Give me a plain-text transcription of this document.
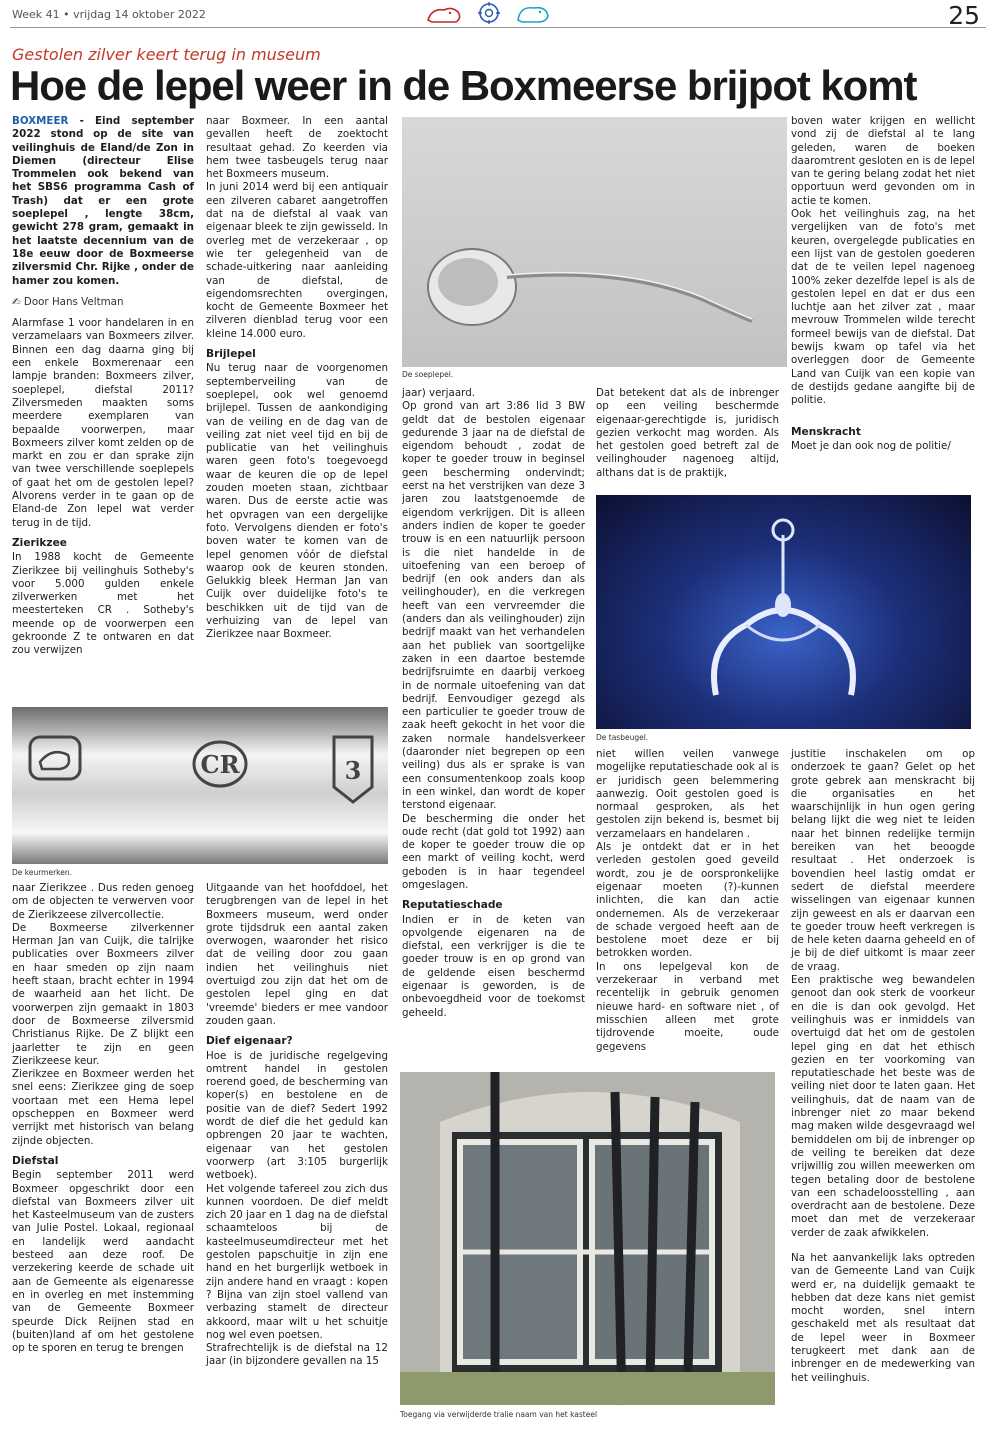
Week 41 • vrijdag 14 oktober 2022	25
Gestolen zilver keert terug in museum
Hoe de lepel weer in de Boxmeerse brijpot komt

BOXMEER - Eind september 2022 stond op de site van veilinghuis de Eland/de Zon in Diemen (directeur Elise Trommelen ook bekend van het SBS6 programma Cash of Trash) dat er een grote soeplepel , lengte 38cm, gewicht 278 gram, gemaakt in het laatste decennium van de 18e eeuw door de Boxmeerse zilversmid Chr. Rijke , onder de hamer zou komen.

✍ Door Hans Veltman

Alarmfase 1 voor handelaren in en verzamelaars van Boxmeers zilver. Binnen een dag daarna ging bij een enkele Boxmerenaar een lampje branden: Boxmeers zilver, soeplepel, diefstal 2011? Zilversmeden maakten soms meerdere exemplaren van bepaalde voorwerpen, maar Boxmeers zilver komt zelden op de markt en zou er dan sprake zijn van twee verschillende soeplepels of gaat het om de gestolen lepel? Alvorens verder in te gaan op de Eland-de Zon lepel wat verder terug in de tijd.

Zierikzee

In 1988 kocht de Gemeente Zierikzee bij veilinghuis Sotheby's voor 5.000 gulden enkele zilverwerken met het meesterteken CR . Sotheby's meende op de voorwerpen een gekroonde Z te ontwaren en dat zou verwijzen

naar Boxmeer. In een aantal gevallen heeft de zoektocht resultaat gehad. Zo keerden via hem twee tasbeugels terug naar het Boxmeers museum.

In juni 2014 werd bij een antiquair een zilveren cabaret aangetroffen dat na de diefstal al vaak van eigenaar bleek te zijn gewisseld. In overleg met de verzekeraar , op wie ter gelegenheid van de schade-uitkering naar aanleiding van de diefstal, de eigendomsrechten overgingen, kocht de Gemeente Boxmeer het zilveren dienblad terug voor een kleine 14.000 euro.

Brijlepel

Nu terug naar de voorgenomen septemberveiling van de soeplepel, ook wel genoemd brijlepel. Tussen de aankondiging van de veiling en de dag van de veiling zat niet veel tijd en bij de publicatie van het veilinghuis waren geen foto's toegevoegd waar de keuren die op de lepel zouden moeten staan, zichtbaar waren. Dus de eerste actie was het opvragen van een dergelijke foto. Vervolgens dienden er foto's boven water te komen van de lepel genomen vóór de diefstal waarop ook de keuren stonden. Gelukkig bleek Herman Jan van Cuijk over duidelijke foto's te beschikken uit de tijd van de verhuizing van de lepel van Zierikzee naar Boxmeer.

De soeplepel.

jaar) verjaard.

Op grond van art 3:86 lid 3 BW geldt dat de bestolen eigenaar gedurende 3 jaar na de diefstal de eigendom behoudt , zodat de koper te goeder trouw in beginsel geen bescherming ondervindt; eerst na het verstrijken van deze 3 jaren zou laatstgenoemde de eigendom verkrijgen. Dit is alleen anders indien de koper te goeder trouw is en een natuurlijk persoon is die niet handelde in de uitoefening van een beroep of bedrijf (en ook anders dan als veilinghouder), en die verkregen heeft van een vervreemder die (anders dan als veilinghouder) zijn bedrijf maakt van het verhandelen aan het publiek van soortgelijke zaken in een daartoe bestemde bedrijfsruimte en daarbij verkoeg in de normale uitoefening van dat bedrijf. Eenvoudiger gezegd als een particulier te goeder trouw de zaak heeft gekocht in het voor die zaken normale handelsverkeer (daaronder niet begrepen op een veiling) dus als er sprake is van een consumentenkoop zoals koop in een winkel, dan wordt de koper terstond eigenaar.

De bescherming die onder het oude recht (dat gold tot 1992) aan de koper te goeder trouw die op een markt of veiling kocht, werd geboden is in haar tegendeel omgeslagen.

Reputatieschade

Indien er in de keten van opvolgende eigenaren na de diefstal, een verkrijger is die te goeder trouw is en op grond van de geldende eisen beschermd eigenaar is geworden, is de onbevoegdheid voor de toekomst geheeld.

Dat betekent dat als de inbrenger op een veiling beschermde eigenaar-gerechtigde is, juridisch gezien verkocht mag worden. Als het gestolen goed betreft zal de veilinghouder nagenoeg altijd, althans dat is de praktijk,

boven water krijgen en wellicht vond zij de diefstal al te lang geleden, waren de boeken daaromtrent gesloten en is de lepel van te gering belang zodat het niet opportuun werd gevonden om in actie te komen.

Ook het veilinghuis zag, na het vergelijken van de foto's met keuren, overgelegde publicaties en een lijst van de gestolen goederen dat de te veilen lepel nagenoeg 100% zeker dezelfde lepel is als de gestolen lepel en dat er dus een luchtje aan het zilver zat , maar mevrouw Trommelen wilde terecht formeel bewijs van de diefstal. Dat bewijs kwam op tafel via het overleggen door de Gemeente Land van Cuijk van een kopie van de destijds gedane aangifte bij de politie.

Menskracht

Moet je dan ook nog de politie/

De tasbeugel.
CR	3
De keurmerken.

niet willen veilen vanwege mogelijke reputatieschade ook al is er juridisch geen belemmering aanwezig. Ooit gestolen goed is normaal gesproken, als het gestolen zijn bekend is, besmet bij verzamelaars en handelaren .

Als je ontdekt dat er in het verleden gestolen goed geveild wordt, zou je de oorspronkelijke eigenaar moeten (?)-kunnen inlichten, die kan dan actie ondernemen. Als de verzekeraar de schade vergoed heeft aan de bestolene moet deze er bij betrokken worden.

In ons lepelgeval kon de verzekeraar in verband met recentelijk in gebruik genomen nieuwe hard- en software niet , of misschien alleen met grote tijdrovende moeite, oude gegevens

justitie inschakelen om op onderzoek te gaan? Gelet op het grote gebrek aan menskracht bij die organisaties en het waarschijnlijk in hun ogen gering belang lijkt die weg niet te leiden naar het binnen redelijke termijn bereiken van het beoogde resultaat . Het onderzoek is bovendien heel lastig omdat er sedert de diefstal meerdere wisselingen van eigenaar kunnen zijn geweest en als er daarvan een te goeder trouw heeft verkregen is de hele keten daarna geheeld en of je bij de dief uitkomt is maar zeer de vraag.

Een praktische weg bewandelen genoot dan ook sterk de voorkeur en die is dan ook gevolgd. Het veilinghuis was er inmiddels van overtuigd dat het om de gestolen lepel ging en dat het ethisch gezien en ter voorkoming van reputatieschade het beste was de veiling niet door te laten gaan. Het veilinghuis, dat de naam van de inbrenger niet zo maar bekend mag maken wilde desgevraagd wel bemiddelen om bij de inbrenger op de veiling te bereiken dat deze vrijwillig zou willen meewerken om tegen betaling door de bestolene van een schadeloosstelling , aan overdracht aan de bestolene. Deze moet dan met de verzekeraar verder de zaak afwikkelen.

Na het aanvankelijk laks optreden van de Gemeente Land van Cuijk werd er, na duidelijk gemaakt te hebben dat deze kans niet gemist mocht worden, snel intern geschakeld met als resultaat dat de lepel weer in Boxmeer terugkeert met dank aan de inbrenger en de medewerking van het veilinghuis.

naar Zierikzee . Dus reden genoeg om de objecten te verwerven voor de Zierikzeese zilvercollectie.

De Boxmeerse zilverkenner Herman Jan van Cuijk, die talrijke publicaties over Boxmeers zilver en haar smeden op zijn naam heeft staan, bracht echter in 1994 de waarheid aan het licht. De voorwerpen zijn gemaakt in 1803 door de Boxmeerse zilversmid Christianus Rijke. De Z blijkt een jaarletter te zijn en geen Zierikzeese keur.

Zierikzee en Boxmeer werden het snel eens: Zierikzee ging de soep voortaan met een Hema lepel opscheppen en Boxmeer werd verrijkt met historisch van belang zijnde objecten.

Diefstal

Begin september 2011 werd Boxmeer opgeschrikt door een diefstal van Boxmeers zilver uit het Kasteelmuseum van de zusters van Julie Postel. Lokaal, regionaal en landelijk werd aandacht besteed aan deze roof. De verzekering keerde de schade uit aan de Gemeente als eigenaresse en in overleg en met instemming van de Gemeente Boxmeer speurde Dick Reijnen stad en (buiten)land af om het gestolene op te sporen en terug te brengen

Uitgaande van het hoofddoel, het terugbrengen van de lepel in het Boxmeers museum, werd onder grote tijdsdruk een aantal zaken overwogen, waaronder het risico dat de veiling door zou gaan indien het veilinghuis niet overtuigd zou zijn dat het om de gestolen lepel ging en dat 'vreemde' bieders er mee vandoor zouden gaan.

Dief eigenaar?

Hoe is de juridische regelgeving omtrent handel in gestolen roerend goed, de bescherming van koper(s) en bestolene en de positie van de dief? Sedert 1992 wordt de dief die het geduld kan opbrengen 20 jaar te wachten, eigenaar van het gestolen voorwerp (art 3:105 burgerlijk wetboek).

Het volgende tafereel zou zich dus kunnen voordoen. De dief meldt zich 20 jaar en 1 dag na de diefstal schaamteloos bij de kasteelmuseumdirecteur met het gestolen papschuitje in zijn ene hand en het burgerlijk wetboek in zijn andere hand en vraagt : kopen ? Bijna van zijn stoel vallend van verbazing stamelt de directeur akkoord, maar wilt u het schuitje nog wel even poetsen.

Strafrechtelijk is de diefstal na 12 jaar (in bijzondere gevallen na 15

Toegang via verwijderde tralie naam van het kasteel
